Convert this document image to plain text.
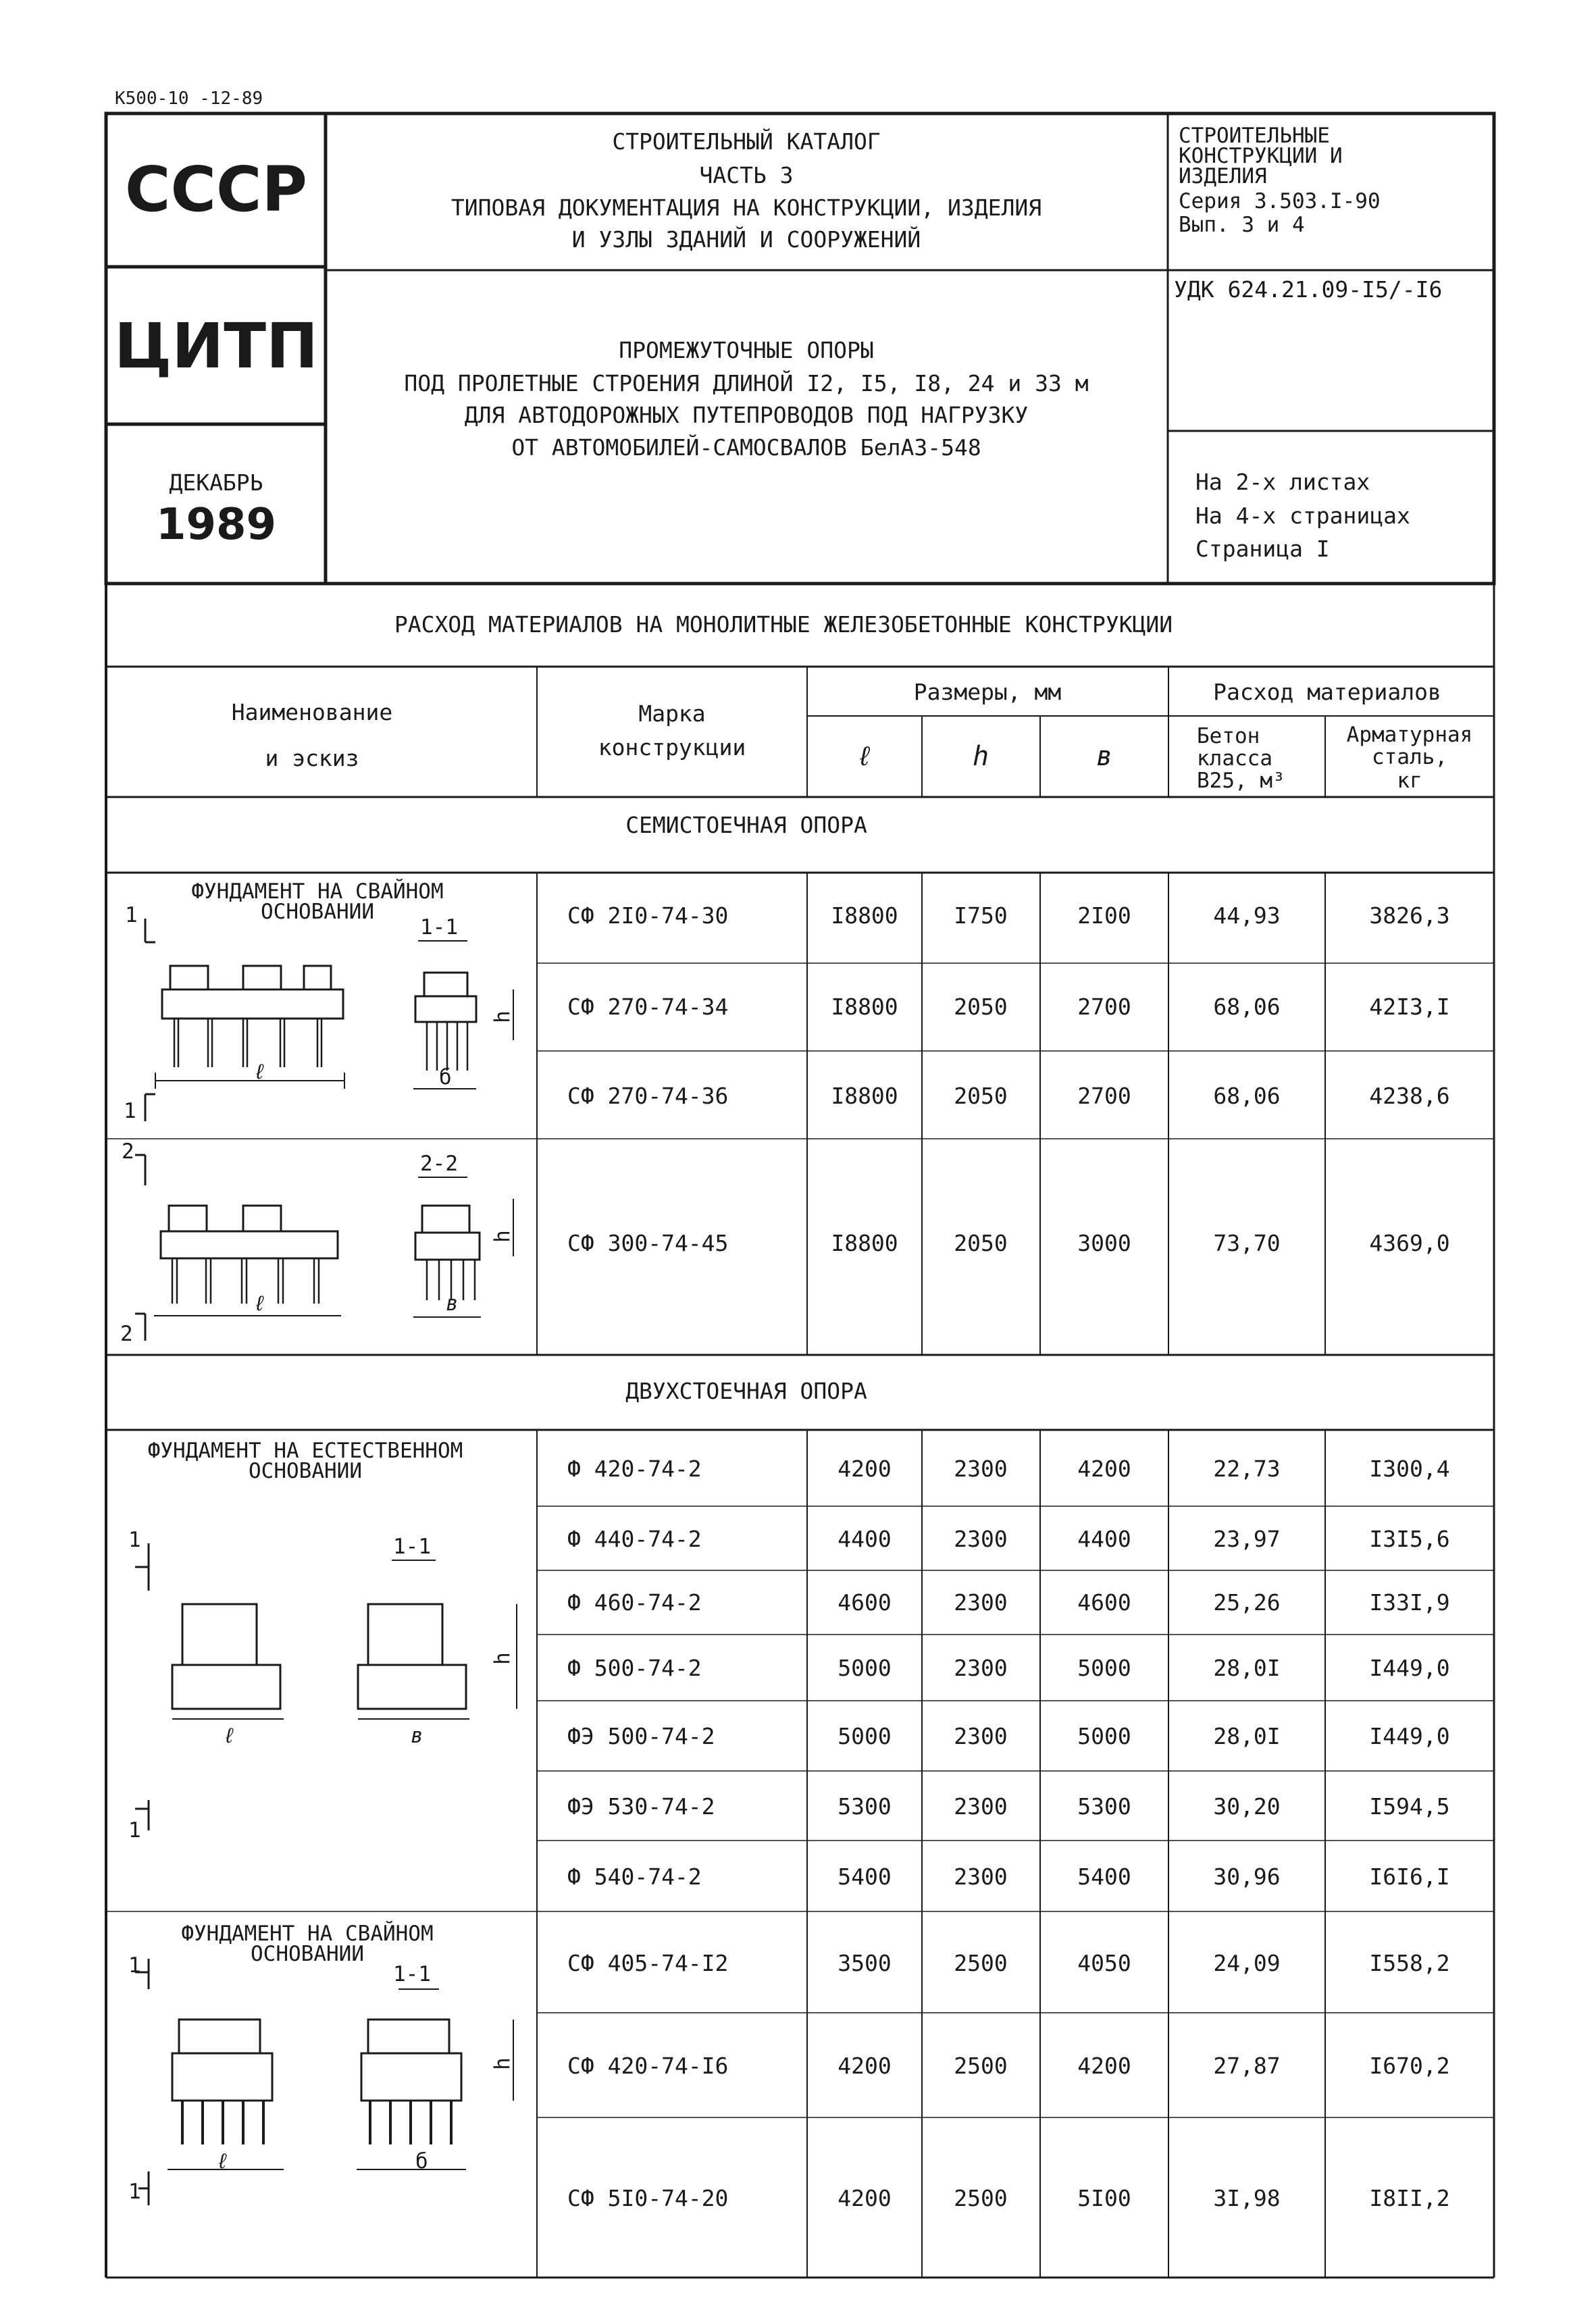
К500-10 -12-89
СССР
ЦИТП
ДЕКАБРЬ
1989
СТРОИТЕЛЬНЫЙ КАТАЛОГ
ЧАСТЬ 3
ТИПОВАЯ ДОКУМЕНТАЦИЯ НА КОНСТРУКЦИИ, ИЗДЕЛИЯ
И УЗЛЫ ЗДАНИЙ И СООРУЖЕНИЙ
СТРОИТЕЛЬНЫЕ
КОНСТРУКЦИИ И
ИЗДЕЛИЯ
Серия 3.503.I-90
Вып. 3 и 4
УДК 624.21.09-I5/-I6
ПРОМЕЖУТОЧНЫЕ ОПОРЫ
ПОД ПРОЛЕТНЫЕ СТРОЕНИЯ ДЛИНОЙ I2, I5, I8, 24 и 33 м
ДЛЯ АВТОДОРОЖНЫХ ПУТЕПРОВОДОВ ПОД НАГРУЗКУ
ОТ АВТОМОБИЛЕЙ-САМОСВАЛОВ БелАЗ-548
На 2-х листах
На 4-х страницах
Страница I
РАСХОД МАТЕРИАЛОВ НА МОНОЛИТНЫЕ ЖЕЛЕЗОБЕТОННЫЕ КОНСТРУКЦИИ
Наименование
и эскиз
Марка
конструкции
Размеры, мм
ℓ	h	в
Расход материалов
Бетон
класса
В25, м³
Арматурная
сталь,
кг
СЕМИСТОЕЧНАЯ ОПОРА
ДВУХСТОЕЧНАЯ ОПОРА
ФУНДАМЕНТ НА СВАЙНОМ
ОСНОВАНИИ
ФУНДАМЕНТ НА ЕСТЕСТВЕННОМ
ОСНОВАНИИ
ФУНДАМЕНТ НА СВАЙНОМ
ОСНОВАНИИ
1
1
1-1
ℓ	б
h
2
2
2-2
ℓ	в
h
1
1
1-1
ℓ	в
h
1
1
1-1
ℓ	б
h
СФ 2I0-74-30	I8800	I750	2I00	44,93	3826,3
СФ 270-74-34	I8800	2050	2700	68,06	42I3,I
СФ 270-74-36	I8800	2050	2700	68,06	4238,6
СФ 300-74-45	I8800	2050	3000	73,70	4369,0
Ф 420-74-2	4200	2300	4200	22,73	I300,4
Ф 440-74-2	4400	2300	4400	23,97	I3I5,6
Ф 460-74-2	4600	2300	4600	25,26	I33I,9
Ф 500-74-2	5000	2300	5000	28,0I	I449,0
ФЭ 500-74-2	5000	2300	5000	28,0I	I449,0
ФЭ 530-74-2	5300	2300	5300	30,20	I594,5
Ф 540-74-2	5400	2300	5400	30,96	I6I6,I
СФ 405-74-I2	3500	2500	4050	24,09	I558,2
СФ 420-74-I6	4200	2500	4200	27,87	I670,2
СФ 5I0-74-20	4200	2500	5I00	3I,98	I8II,2
